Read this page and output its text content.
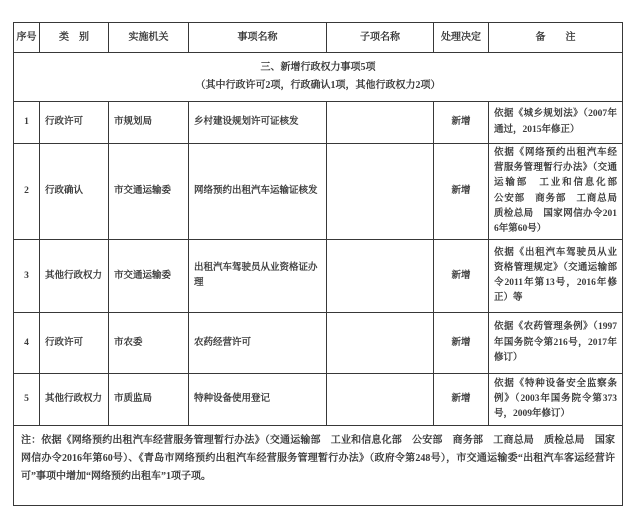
序号	类　别	实施机关	事项名称	子项名称	处理决定	备　　注

三、新增行政权力事项5项
（其中行政许可2项，行政确认1项，其他行政权力2项）						

1	行政许可	市规划局	乡村建设规划许可证核发		新增	依据《城乡规划法》（2007年通过，2015年修正）
2	行政确认	市交通运输委	网络预约出租汽车运输证核发		新增	依据《网络预约出租汽车经营服务管理暂行办法》（交通运输部　工业和信息化部　公安部　商务部　工商总局　质检总局　国家网信办令2016年第60号）
3	其他行政权力	市交通运输委	出租汽车驾驶员从业资格证办理		新增	依据《出租汽车驾驶员从业资格管理规定》（交通运输部令2011年第13号，2016年修正）等
4	行政许可	市农委	农药经营许可		新增	依据《农药管理条例》（1997年国务院令第216号，2017年修订）
5	其他行政权力	市质监局	特种设备使用登记		新增	依据《特种设备安全监察条例》（2003年国务院令第373号，2009年修订）
注：依据《网络预约出租汽车经营服务管理暂行办法》（交通运输部　工业和信息化部　公安部　商务部　工商总局　质检总局　国家网信办令2016年第60号）、《青岛市网络预约出租汽车经营服务管理暂行办法》（政府令第248号），市交通运输委“出租汽车客运经营许可”事项中增加“网络预约出租车”1项子项。						
